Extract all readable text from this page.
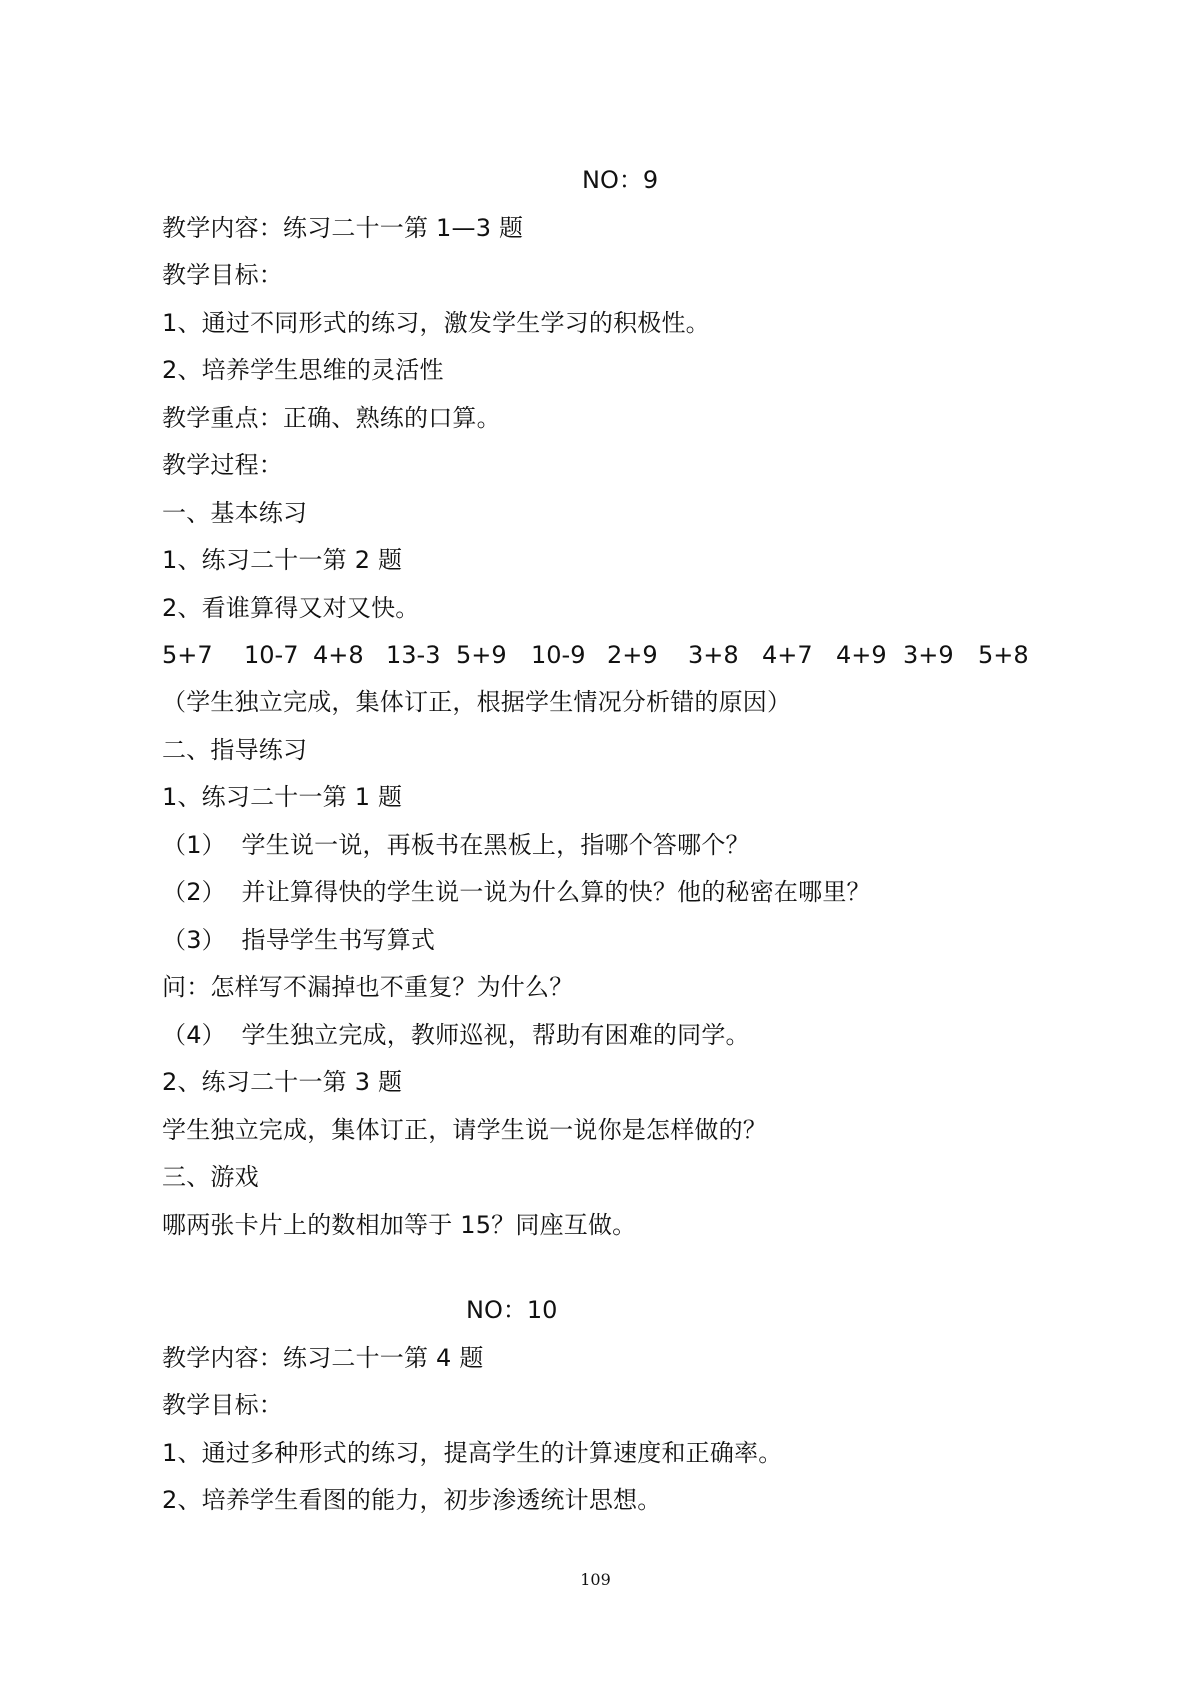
NO：9
教学内容：练习二十一第 1—3 题
教学目标：
1、通过不同形式的练习，激发学生学习的积极性。
2、培养学生思维的灵活性
教学重点：正确、熟练的口算。
教学过程：
一、基本练习
1、练习二十一第 2 题
2、看谁算得又对又快。
5+7 10-7 4+8 13-3 5+9 10-9 2+9 3+8 4+7 4+9 3+9 5+8
（学生独立完成，集体订正，根据学生情况分析错的原因）
二、指导练习
1、练习二十一第 1 题
（1）  学生说一说，再板书在黑板上，指哪个答哪个？
（2）  并让算得快的学生说一说为什么算的快？他的秘密在哪里？
（3）  指导学生书写算式
问：怎样写不漏掉也不重复？为什么？
（4）  学生独立完成，教师巡视，帮助有困难的同学。
2、练习二十一第 3 题
学生独立完成，集体订正，请学生说一说你是怎样做的？
三、游戏
哪两张卡片上的数相加等于 15？同座互做。
NO：10
教学内容：练习二十一第 4 题
教学目标：
1、通过多种形式的练习，提高学生的计算速度和正确率。
2、培养学生看图的能力，初步渗透统计思想。
109
